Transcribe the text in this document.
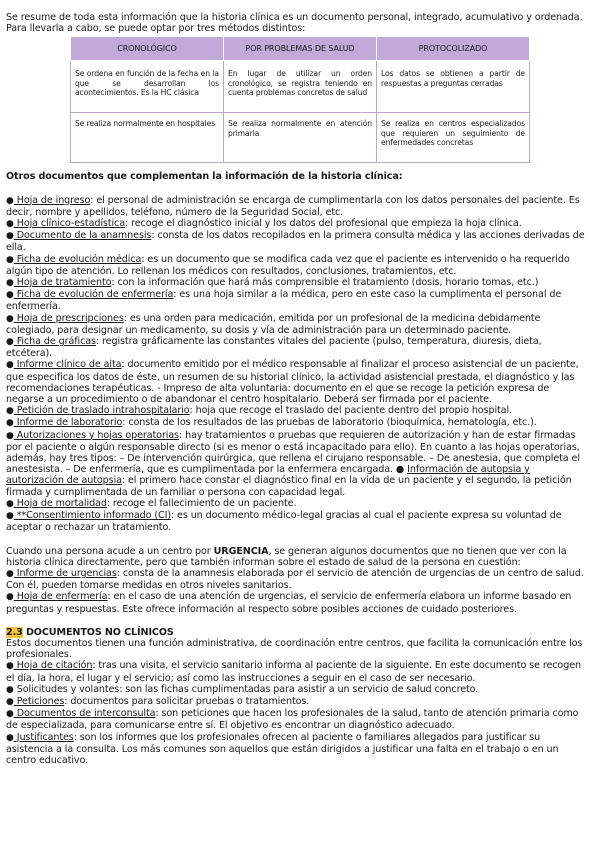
Se resume de toda esta información que la historia clínica es un documento personal, integrado, acumulativo y ordenada. Para llevarla a cabo, se puede optar por tres métodos distintos:

CRONOLÓGICO	POR PROBLEMAS DE SALUD	PROTOCOLIZADO
Se ordena en función de la fecha en la que se desarrollan los acontecimientos. Es la HC clásica	En lugar de utilizar un orden cronológico, se registra teniendo en cuenta problemas concretos de salud	Los datos se obtienen a partir de respuestas a preguntas cerradas
Se realiza normalmente en hospitales	Se realiza normalmente en atención primaria	Se realiza en centros especializados que requieren un seguimiento de enfermedades concretas

Otros documentos que complementan la información de la historia clínica:

● Hoja de ingreso: el personal de administración se encarga de cumplimentarla con los datos personales del paciente. Es decir, nombre y apellidos, teléfono, número de la Seguridad Social, etc.

● Hoja clínico-estadística: recoge el diagnóstico inicial y los datos del profesional que empieza la hoja clínica.

● Documento de la anamnesis: consta de los datos recopilados en la primera consulta médica y las acciones derivadas de ella.

● Ficha de evolución médica: es un documento que se modifica cada vez que el paciente es intervenido o ha requerido algún tipo de atención. Lo rellenan los médicos con resultados, conclusiones, tratamientos, etc.

● Hoja de tratamiento: con la información que hará más comprensible el tratamiento (dosis, horario tomas, etc.)

● Ficha de evolución de enfermería: es una hoja similar a la médica, pero en este caso la cumplimenta el personal de enfermería.

● Hoja de prescripciones: es una orden para medicación, emitida por un profesional de la medicina debidamente colegiado, para designar un medicamento, su dosis y vía de administración para un determinado paciente.

● Ficha de gráficas: registra gráficamente las constantes vitales del paciente (pulso, temperatura, diuresis, dieta, etcétera).

● Informe clínico de alta: documento emitido por el médico responsable al finalizar el proceso asistencial de un paciente, que especifica los datos de éste, un resumen de su historial clínico, la actividad asistencial prestada, el diagnóstico y las recomendaciones terapéuticas. - Impreso de alta voluntaria: documento en el que se recoge la petición expresa de negarse a un procedimiento o de abandonar el centro hospitalario. Deberá ser firmada por el paciente.

● Petición de traslado intrahospitalario: hoja que recoge el traslado del paciente dentro del propio hospital.

● Informe de laboratorio: consta de los resultados de las pruebas de laboratorio (bioquímica, hematología, etc.).

● Autorizaciones y hojas operatorias: hay tratamientos o pruebas que requieren de autorización y han de estar firmadas por el paciente o algún responsable directo (si es menor o está incapacitado para ello). En cuanto a las hojas operatorias, además, hay tres tipos: – De intervención quirúrgica, que rellena el cirujano responsable. – De anestesia, que completa el anestesista. – De enfermería, que es cumplimentada por la enfermera encargada. ● Información de autopsia y autorización de autopsia: el primero hace constar el diagnóstico final en la vida de un paciente y el segundo, la petición firmada y cumplimentada de un familiar o persona con capacidad legal.

● Hoja de mortalidad: recoge el fallecimiento de un paciente.

● **Consentimiento informado (CI): es un documento médico-legal gracias al cual el paciente expresa su voluntad de aceptar o rechazar un tratamiento.

Cuando una persona acude a un centro por URGENCIA, se generan algunos documentos que no tienen que ver con la historia clínica directamente, pero que también informan sobre el estado de salud de la persona en cuestión:

● Informe de urgencias: consta de la anamnesis elaborada por el servicio de atención de urgencias de un centro de salud. Con él, pueden tomarse medidas en otros niveles sanitarios.

● Hoja de enfermería: en el caso de una atención de urgencias, el servicio de enfermería elabora un informe basado en preguntas y respuestas. Este ofrece información al respecto sobre posibles acciones de cuidado posteriores.

2.3 DOCUMENTOS NO CLÍNICOS

Estos documentos tienen una función administrativa, de coordinación entre centros, que facilita la comunicación entre los profesionales.

● Hoja de citación: tras una visita, el servicio sanitario informa al paciente de la siguiente. En este documento se recogen el día, la hora, el lugar y el servicio; así como las instrucciones a seguir en el caso de ser necesario.

● Solicitudes y volantes: son las fichas cumplimentadas para asistir a un servicio de salud concreto.

● Peticiones: documentos para solicitar pruebas o tratamientos.

● Documentos de interconsulta: son peticiones que hacen los profesionales de la salud, tanto de atención primaria como de especializada, para comunicarse entre sí. El objetivo es encontrar un diagnóstico adecuado.

● Justificantes: son los informes que los profesionales ofrecen al paciente o familiares allegados para justificar su asistencia a la consulta. Los más comunes son aquellos que están dirigidos a justificar una falta en el trabajo o en un centro educativo.
